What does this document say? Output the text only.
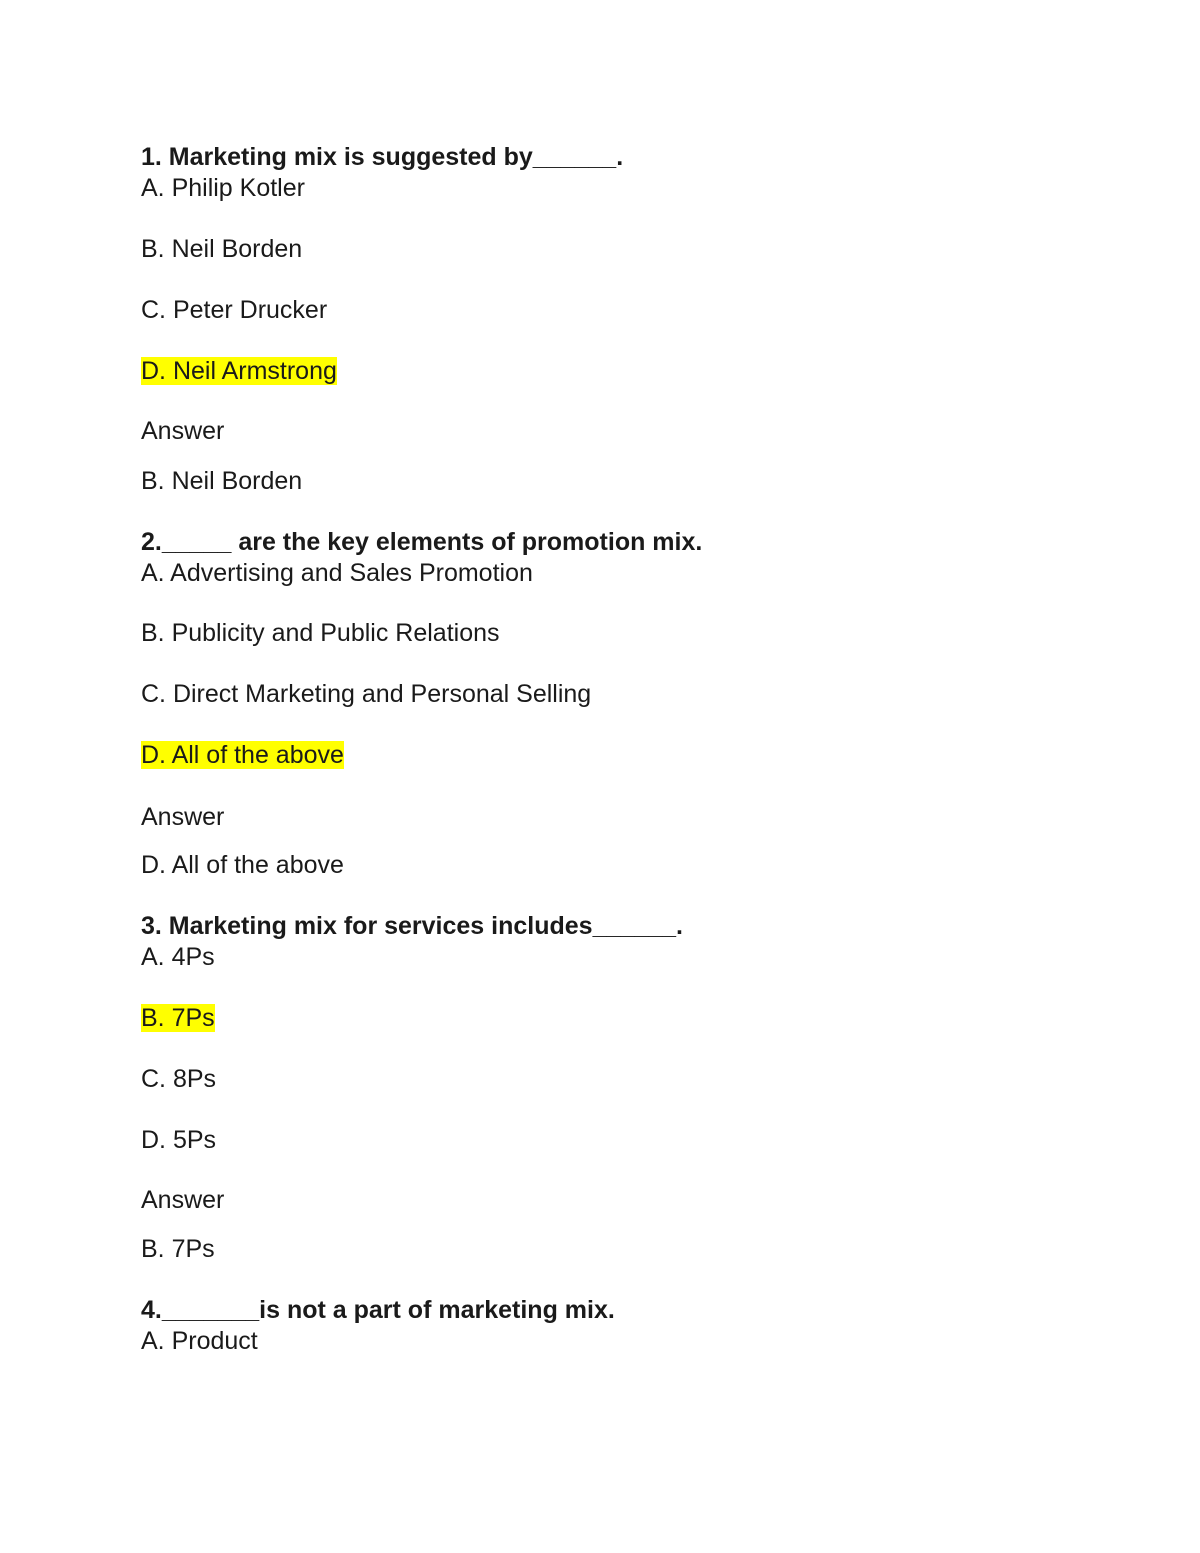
1. Marketing mix is suggested by______.

A. Philip Kotler

B. Neil Borden

C. Peter Drucker

D. Neil Armstrong

Answer

B. Neil Borden

2._____ are the key elements of promotion mix.

A. Advertising and Sales Promotion

B. Publicity and Public Relations

C. Direct Marketing and Personal Selling

D. All of the above

Answer

D. All of the above

3. Marketing mix for services includes______.

A. 4Ps

B. 7Ps

C. 8Ps

D. 5Ps

Answer

B. 7Ps

4._______is not a part of marketing mix.

A. Product
